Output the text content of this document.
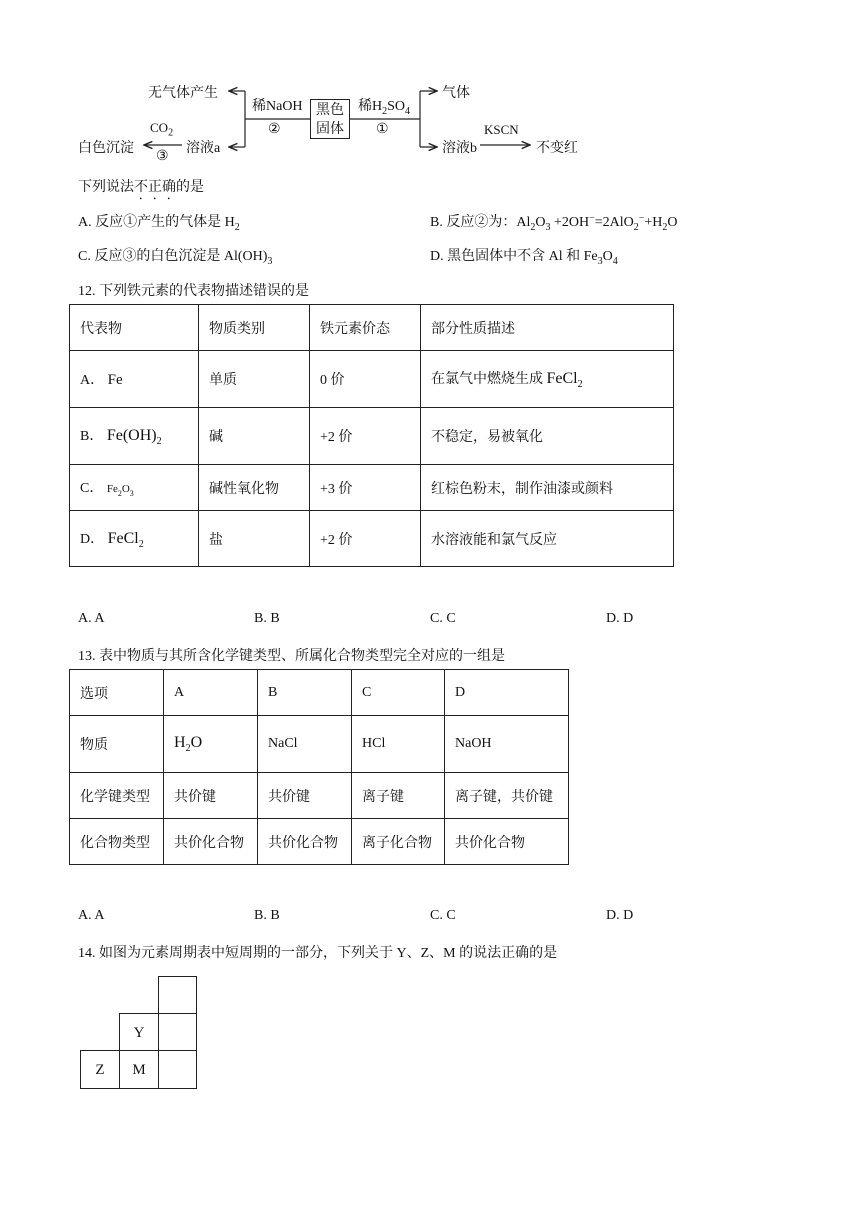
黑色
固体
无气体产生
稀NaOH
②
稀$H_2SO_4$
①
气体
溶液b
KSCN
不变红
白色沉淀
$CO_2$
③
溶液a
下列说法不正确的是
A. 反应①产生的气体是 $H_2$	B. 反应②为：$Al_2O_3 +2OH^-=2AlO_2^-+H_2O$
C. 反应③的白色沉淀是 $Al(OH)_3$	D. 黑色固体中不含 Al 和 $Fe_3O_4$
12. 下列铁元素的代表物描述错误的是
代表物	物质类别	铁元素价态	部分性质描述
A． Fe	单质	0 价	在氯气中燃烧生成 FeCl$_2$
B． $Fe(OH)_2$	碱	+2 价	不稳定，易被氧化
C． $Fe_2O_3$	碱性氧化物	+3 价	红棕色粉末，制作油漆或颜料
D． FeCl$_2$	盐	+2 价	水溶液能和氯气反应
A. A	B. B	C. C	D. D
13. 表中物质与其所含化学键类型、所属化合物类型完全对应的一组是
选项	A	B	C	D
物质	$H_2O$	NaCl	HCl	NaOH
化学键类型	共价键	共价键	离子键	离子键，共价键
化合物类型	共价化合物	共价化合物	离子化合物	共价化合物
A. A	B. B	C. C	D. D
14. 如图为元素周期表中短周期的一部分，下列关于 Y、Z、M 的说法正确的是
Y
Z	M
